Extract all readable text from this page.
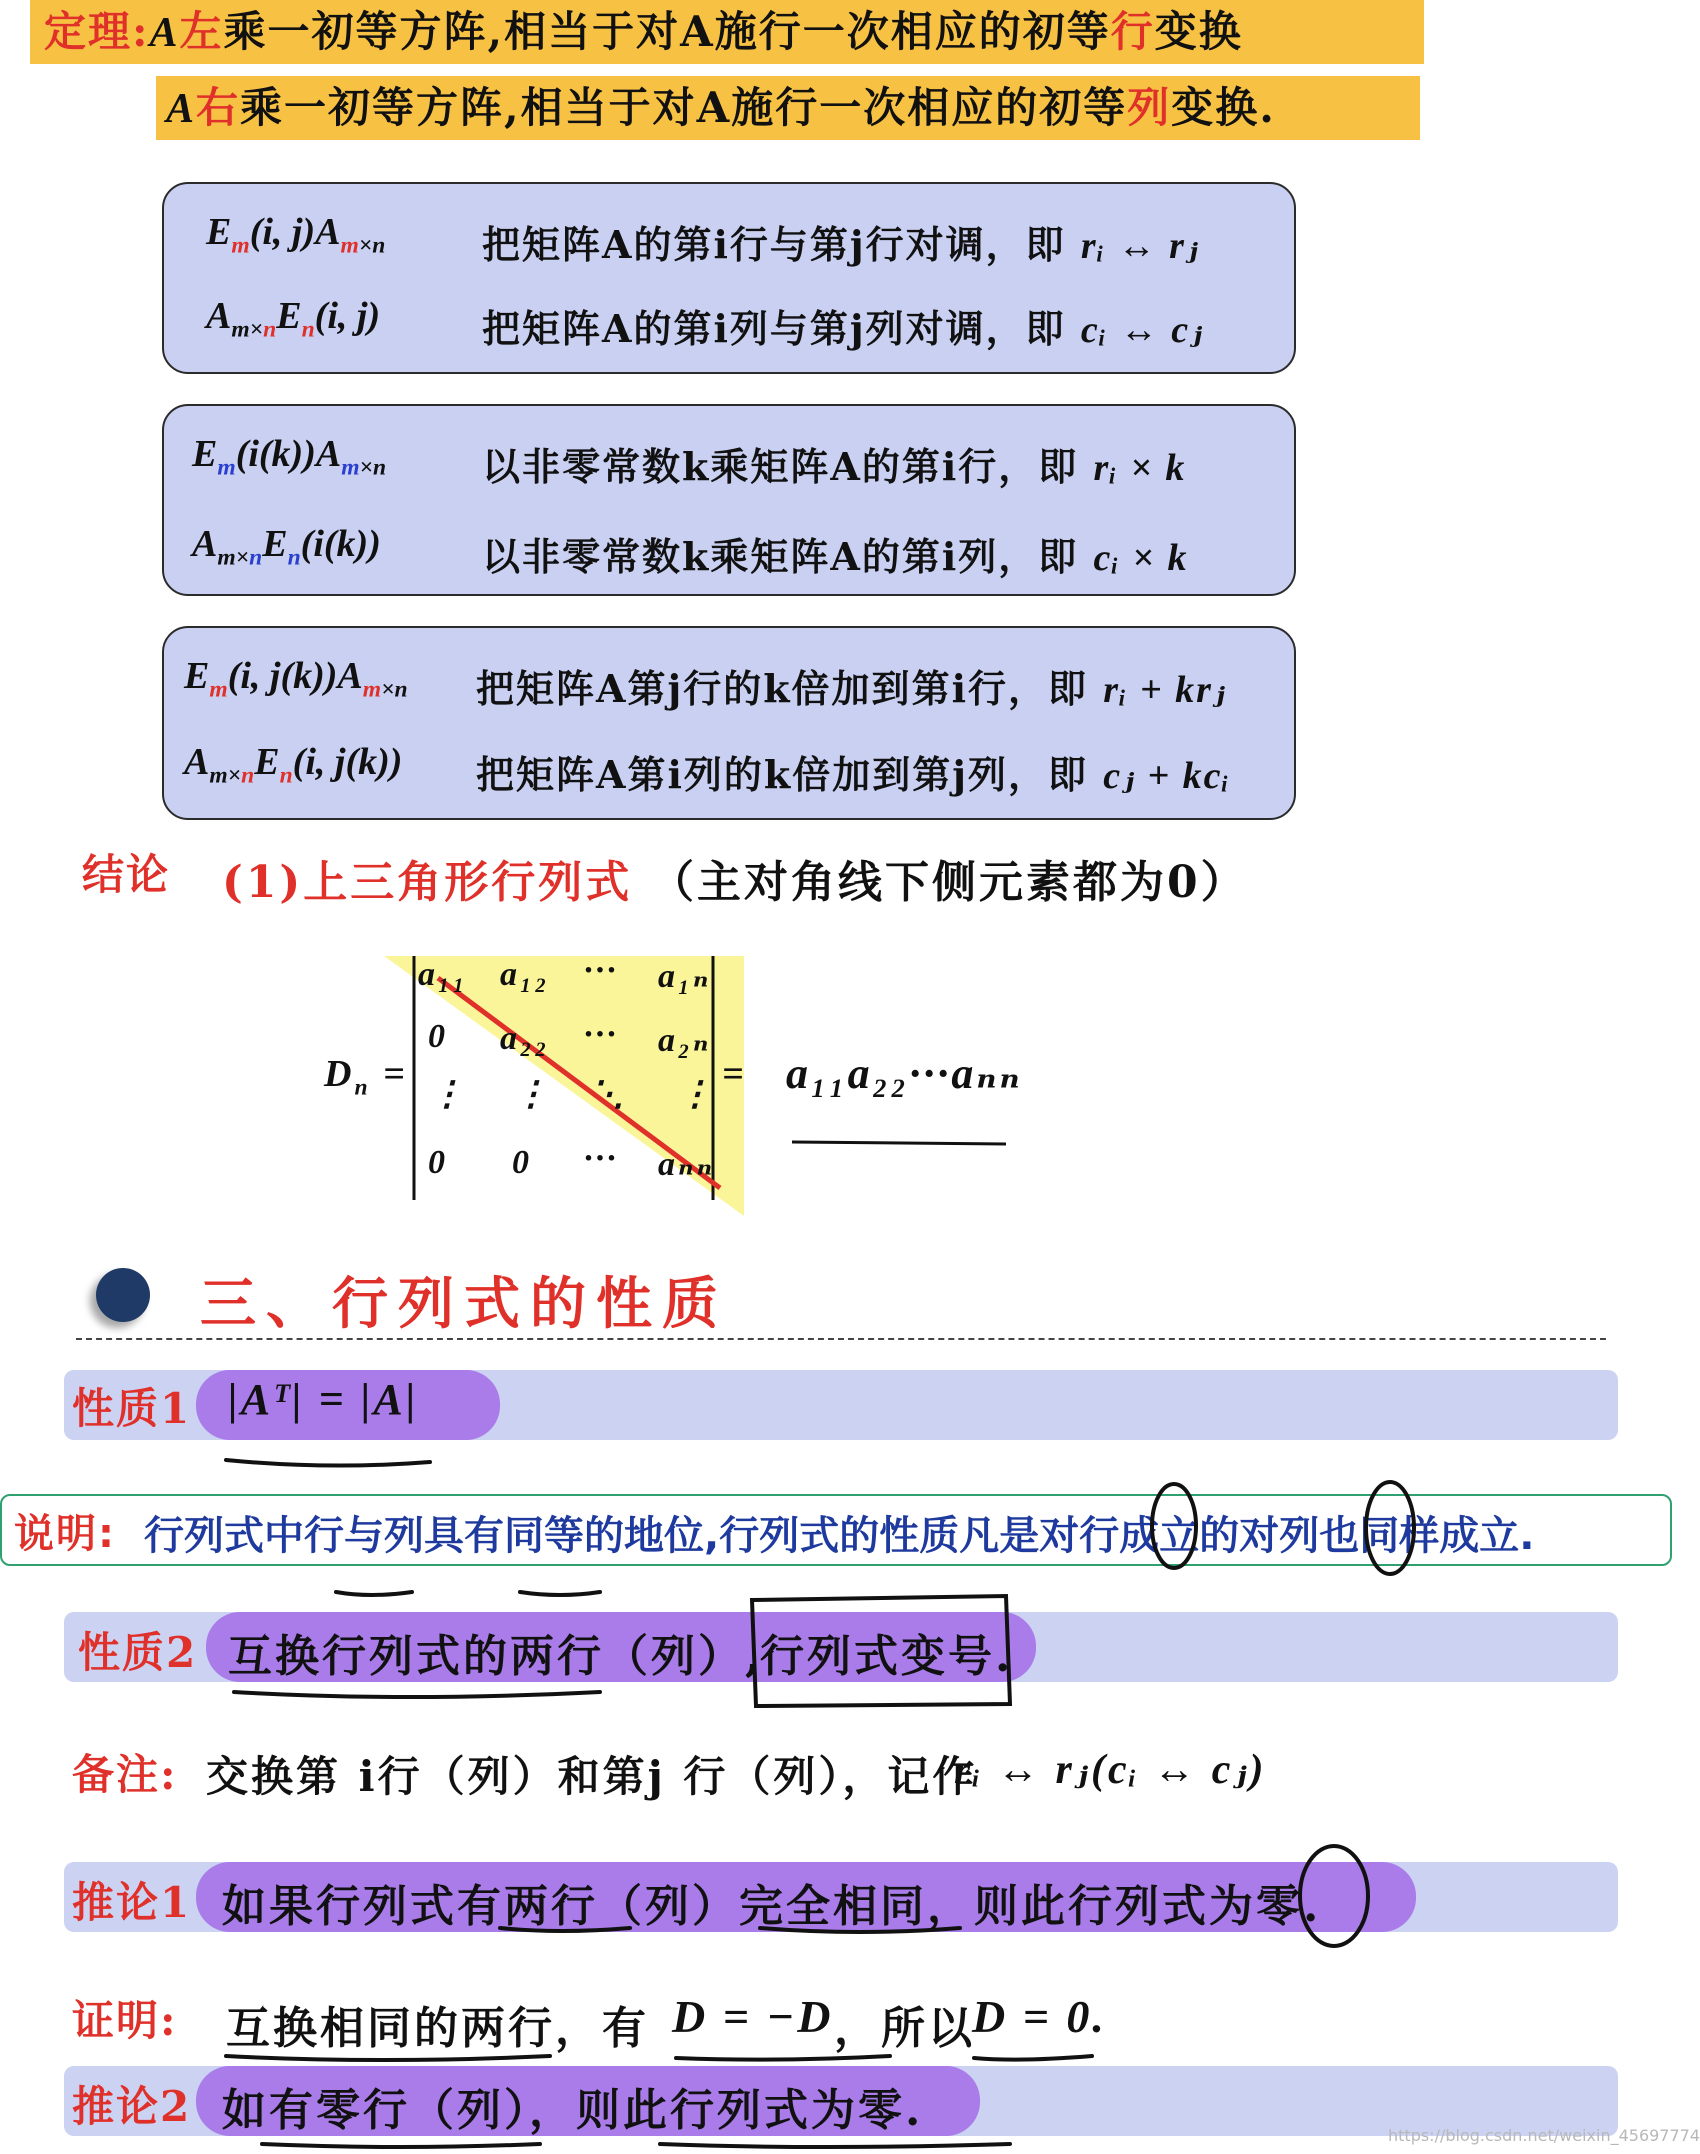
定理:A左乘一初等方阵,相当于对A施行一次相应的初等行变换
A右乘一初等方阵,相当于对A施行一次相应的初等列变换.
$E_m(i$, $j)A_{m\times n}$	把矩阵A的第i行与第j行对调，即 rᵢ ↔ rⱼ
$A_{m\times n}E_n(i$, j)	把矩阵A的第i列与第j列对调，即 cᵢ ↔ cⱼ
$E_m(i(k))A_{m\times n}$	以非零常数k乘矩阵A的第i行，即 rᵢ × k
$A_{m\times n}E_n(i(k))$	以非零常数k乘矩阵A的第i列，即 cᵢ × k
$E_m(i$, $j(k))A_{m\times n}$ 把矩阵A第j行的k倍加到第i行，即 rᵢ + krⱼ
$A_{m\times n}E_n(i$, j(k)) 把矩阵A第i列的k倍加到第j列，即 cⱼ + kcᵢ
结论 (1)上三角形行列式 （主对角线下侧元素都为0）
$D_n$ =
a₁₁ a₁₂ ··· a₁ₙ
0 a₂₂ ··· a₂ₙ
⋮ ⋮ ⋱ ⋮
0 0 ··· aₙₙ
= a₁₁a₂₂···aₙₙ
三、行列式的性质
性质1 |Aᵀ| = |A|
说明: 行列式中行与列具有同等的地位,行列式的性质凡是对行成立的对列也同样成立.
性质2 互换行列式的两行（列）,
行列式变号.
备注: 交换第 i行（列）和第j 行（列），记作
rᵢ ↔ rⱼ(cᵢ ↔ cⱼ)
推论1 如果行列式有两行（列）完全相同，则此行列式为零.
证明: 互换相同的两行，有 D = −D ，所以
D = 0.
推论2 如有零行（列），则此行列式为零.	https://blog.csdn.net/weixin_45697774
